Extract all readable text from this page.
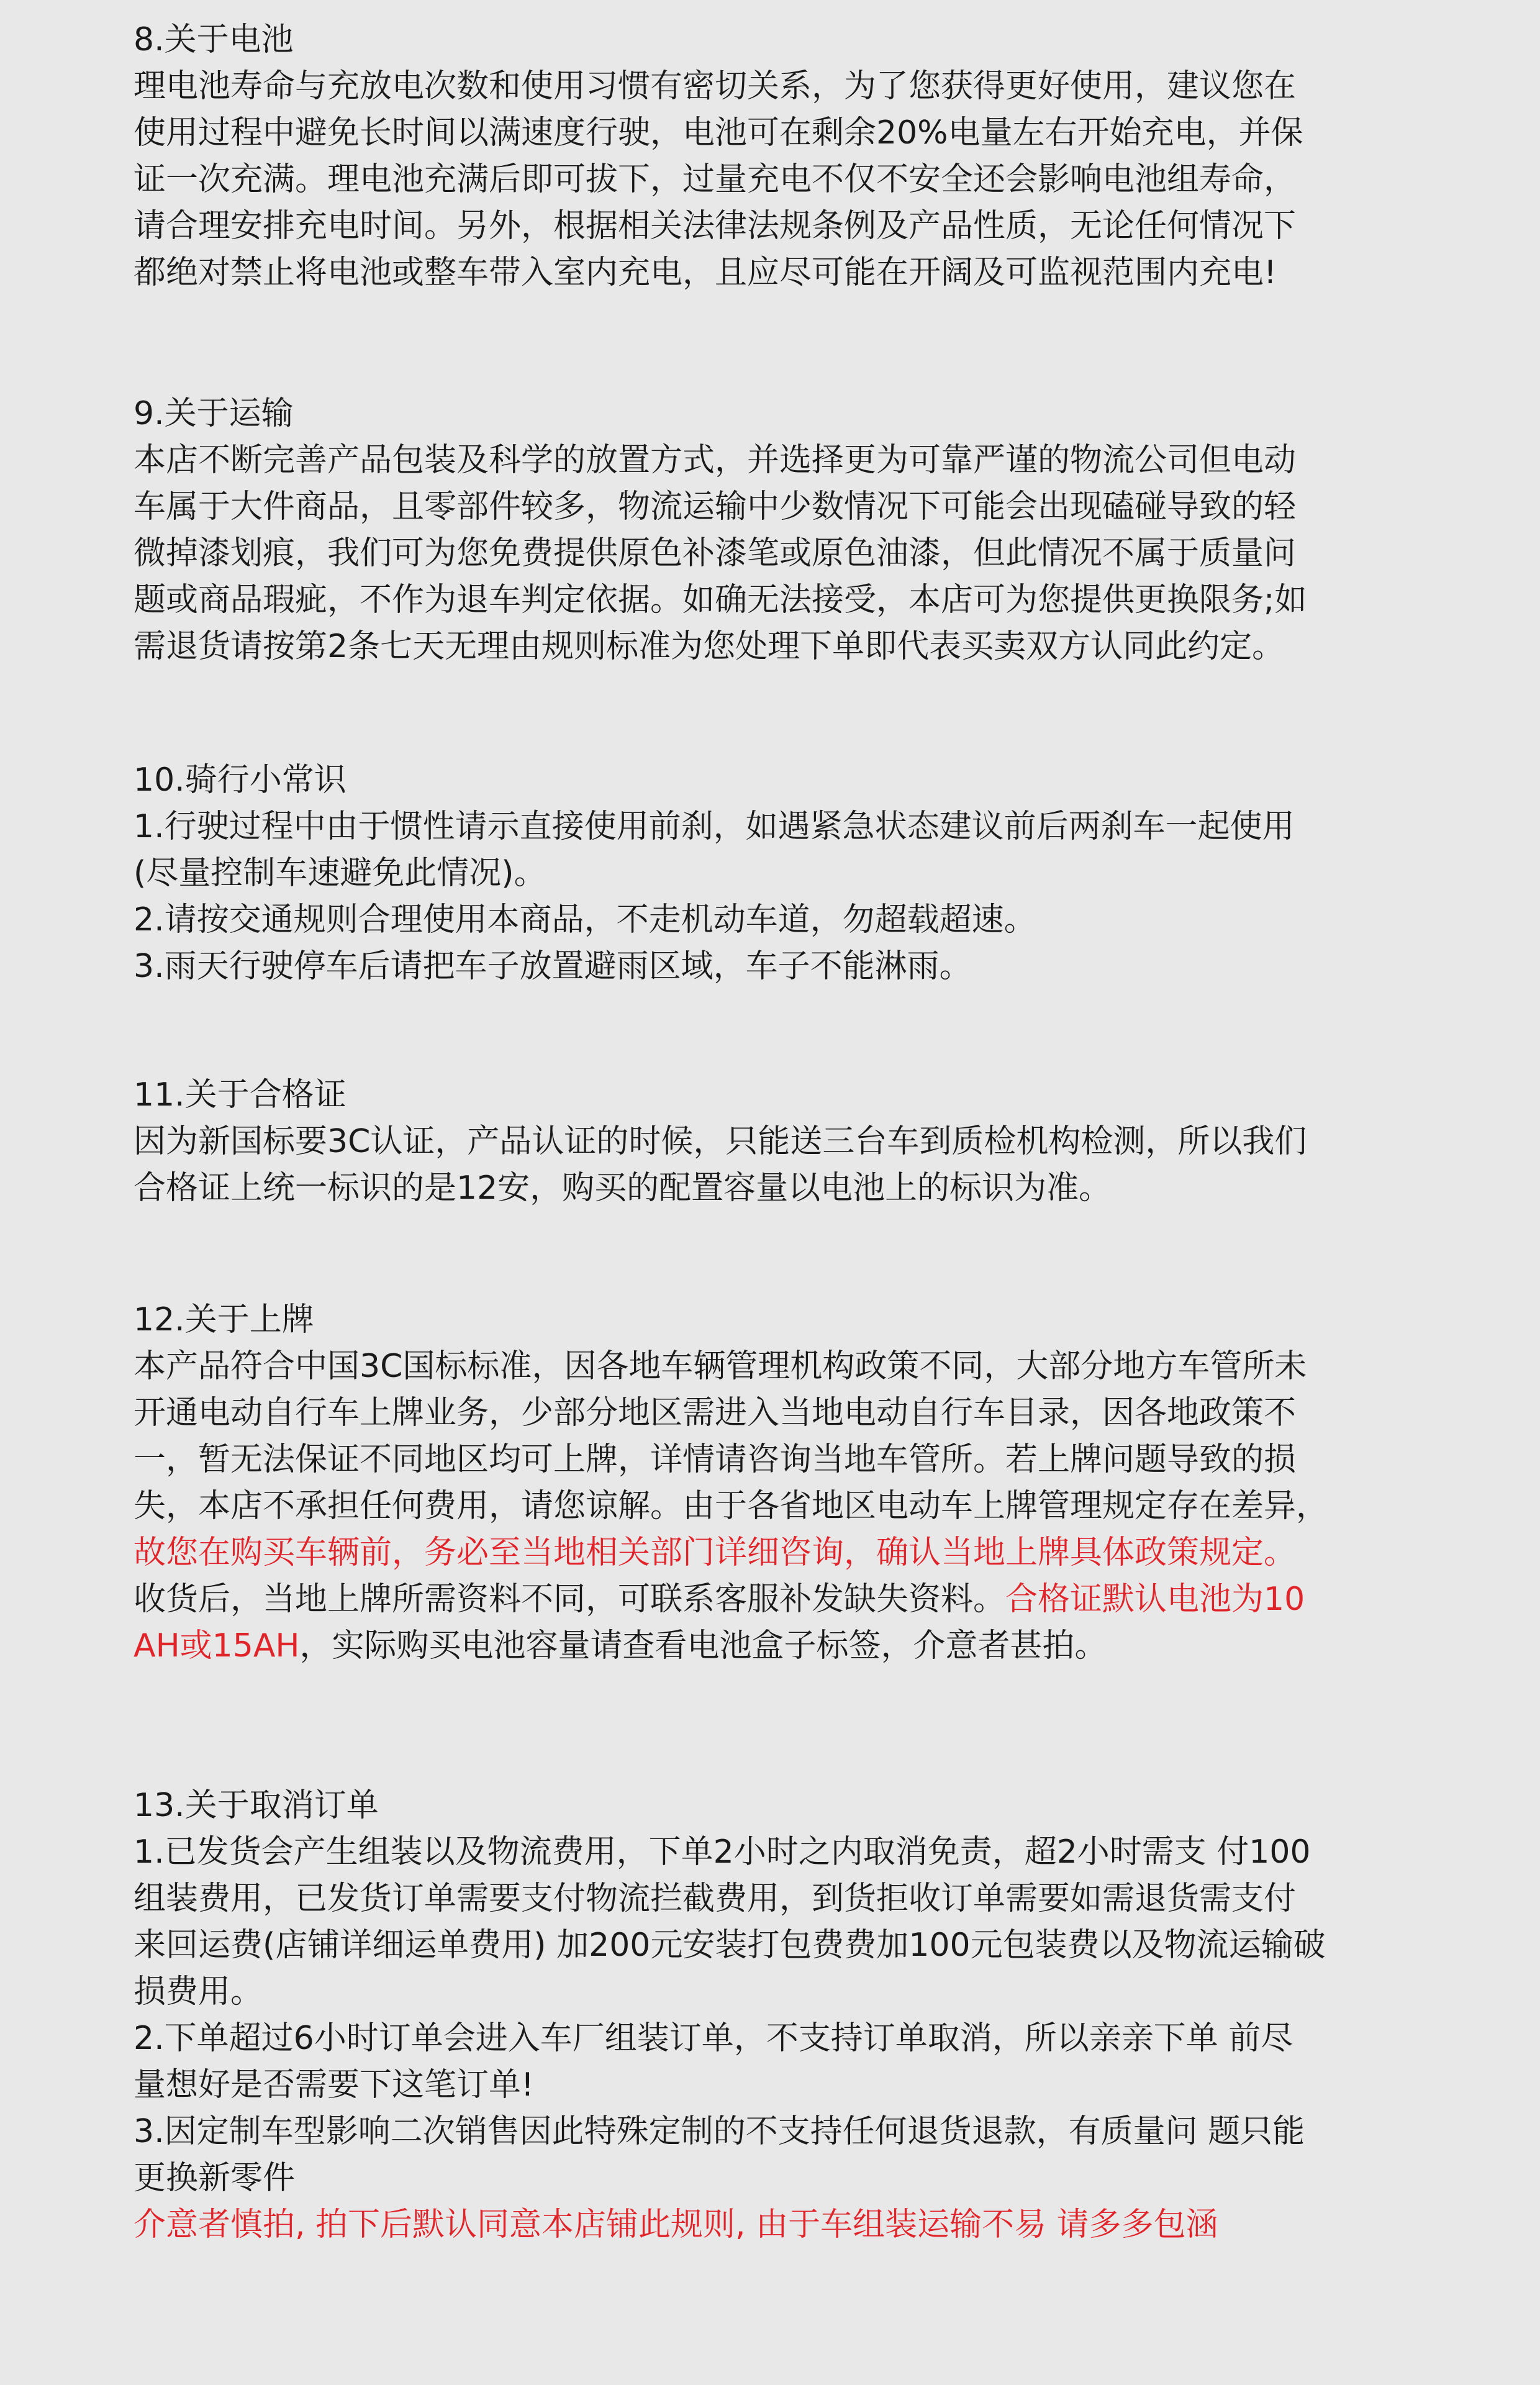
8.关于电池

理电池寿命与充放电次数和使用习惯有密切关系，为了您获得更好使用，建议您在

使用过程中避免长时间以满速度行驶，电池可在剩余20%电量左右开始充电，并保

证一次充满。理电池充满后即可拔下，过量充电不仅不安全还会影响电池组寿命，

请合理安排充电时间。另外，根据相关法律法规条例及产品性质，无论任何情况下

都绝对禁止将电池或整车带入室内充电，且应尽可能在开阔及可监视范围内充电!

9.关于运输

本店不断完善产品包装及科学的放置方式，并选择更为可靠严谨的物流公司但电动

车属于大件商品，且零部件较多，物流运输中少数情况下可能会出现磕碰导致的轻

微掉漆划痕，我们可为您免费提供原色补漆笔或原色油漆，但此情况不属于质量问

题或商品瑕疵，不作为退车判定依据。如确无法接受，本店可为您提供更换限务;如

需退货请按第2条七天无理由规则标准为您处理下单即代表买卖双方认同此约定。

10.骑行小常识

1.行驶过程中由于惯性请示直接使用前刹，如遇紧急状态建议前后两刹车一起使用

(尽量控制车速避免此情况)。

2.请按交通规则合理使用本商品，不走机动车道，勿超载超速。

3.雨天行驶停车后请把车子放置避雨区域，车子不能淋雨。

11.关于合格证

因为新国标要3C认证，产品认证的时候，只能送三台车到质检机构检测，所以我们

合格证上统一标识的是12安，购买的配置容量以电池上的标识为准。

12.关于上牌

本产品符合中国3C国标标准，因各地车辆管理机构政策不同，大部分地方车管所未

开通电动自行车上牌业务，少部分地区需进入当地电动自行车目录，因各地政策不

一，暂无法保证不同地区均可上牌，详情请咨询当地车管所。若上牌问题导致的损

失，本店不承担任何费用，请您谅解。由于各省地区电动车上牌管理规定存在差异，

故您在购买车辆前，务必至当地相关部门详细咨询，确认当地上牌具体政策规定。

收货后，当地上牌所需资料不同，可联系客服补发缺失资料。合格证默认电池为10

AH或15AH，实际购买电池容量请查看电池盒子标签，介意者甚拍。

13.关于取消订单

1.已发货会产生组装以及物流费用，下单2小时之内取消免责，超2小时需支 付100

组装费用，已发货订单需要支付物流拦截费用，到货拒收订单需要如需退货需支付

来回运费(店铺详细运单费用) 加200元安装打包费费加100元包装费以及物流运输破

损费用。

2.下单超过6小时订单会进入车厂组装订单，不支持订单取消，所以亲亲下单 前尽

量想好是否需要下这笔订单!

3.因定制车型影响二次销售因此特殊定制的不支持任何退货退款，有质量问 题只能

更换新零件

介意者慎拍, 拍下后默认同意本店铺此规则, 由于车组装运输不易 请多多包涵
